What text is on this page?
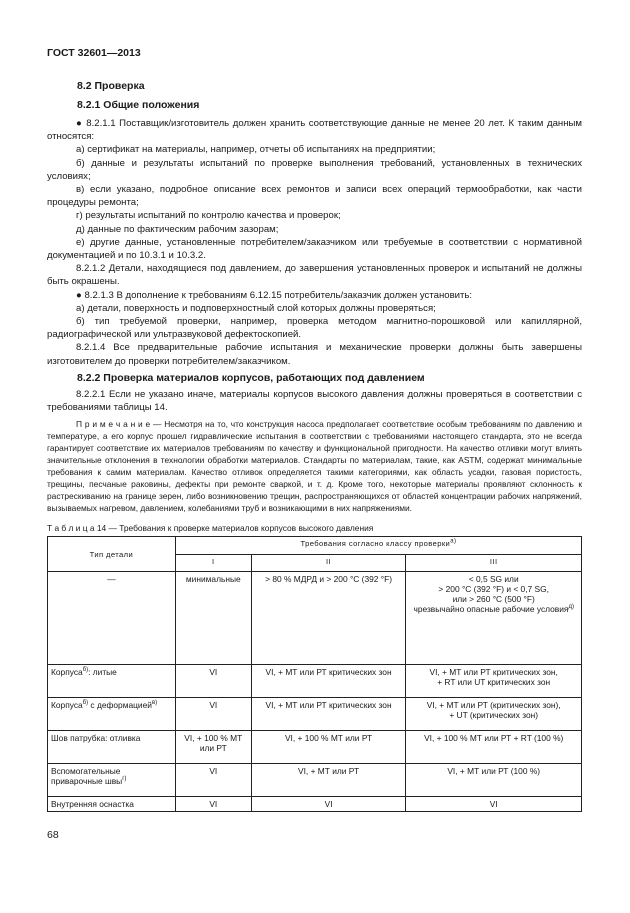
ГОСТ 32601—2013
8.2 Проверка
8.2.1 Общие положения

● 8.2.1.1 Поставщик/изготовитель должен хранить соответствующие данные не менее 20 лет. К таким данным относятся:

а) сертификат на материалы, например, отчеты об испытаниях на предприятии;

б) данные и результаты испытаний по проверке выполнения требований, установленных в технических условиях;

в) если указано, подробное описание всех ремонтов и записи всех операций термообработки, как части процедуры ремонта;

г) результаты испытаний по контролю качества и проверок;

д) данные по фактическим рабочим зазорам;

е) другие данные, установленные потребителем/заказчиком или требуемые в соответствии с нормативной документацией и по 10.3.1 и 10.3.2.

8.2.1.2 Детали, находящиеся под давлением, до завершения установленных проверок и испытаний не должны быть окрашены.

● 8.2.1.3 В дополнение к требованиям 6.12.15 потребитель/заказчик должен установить:

а) детали, поверхность и подповерхностный слой которых должны проверяться;

б) тип требуемой проверки, например, проверка методом магнитно-порошковой или капиллярной, радиографической или ультразвуковой дефектоскопией.

8.2.1.4 Все предварительные рабочие испытания и механические проверки должны быть завершены изготовителем до проверки потребителем/заказчиком.

8.2.2 Проверка материалов корпусов, работающих под давлением

8.2.2.1 Если не указано иначе, материалы корпусов высокого давления должны проверяться в соответствии с требованиями таблицы 14.

П р и м е ч а н и е — Несмотря на то, что конструкция насоса предполагает соответствие особым требованиям по давлению и температуре, а его корпус прошел гидравлические испытания в соответствии с требованиями настоящего стандарта, это не всегда гарантирует соответствие их материалов требованиям по качеству и функциональной пригодности. На качество отливки могут влиять значительные отклонения в технологии обработки материалов. Стандарты по материалам, такие, как ASTM, содержат минимальные требования к самим материалам. Качество отливок определяется такими категориями, как область усадки, газовая пористость, трещины, песчаные раковины, дефекты при ремонте сваркой, и т. д. Кроме того, некоторые материалы проявляют склонность к растрескиванию на границе зерен, либо возникновению трещин, распространяющихся от областей концентрации рабочих напряжений, вызываемых нагревом, давлением, колебаниями труб и возникающими в них напряжениями.

Т а б л и ц а 14 — Требования к проверке материалов корпусов высокого давления
Тип детали	Требования согласно классу проверки$^{a)}$
	I	II	III
—	минимальные	> 80 % МДРД и > 200 °С (392 °F)	< 0,5 SG или
> 200 °С (392 °F) и < 0,7 SG,
или > 260 °С (500 °F)
чрезвычайно опасные рабочие условия$^{д)}$

Корпуса$^{б)}$: литые	VI	VI, + МТ или РТ критических зон	VI, + МТ или РТ критических зон,
+ RT или UT критических зон

Корпуса$^{б)}$ с деформацией$^{в)}$	VI	VI, + МТ или РТ критических зон	VI, + МТ или РТ (критических зон),
+ UT (критических зон)

Шов патрубка: отливка	VI, + 100 % МТ или РТ	VI, + 100 % МТ или РТ	VI, + 100 % МТ или РТ + RT (100 %)
Вспомогательные приварочные швы$^{г)}$	VI	VI, + МТ или РТ	VI, + МТ или РТ (100 %)
Внутренняя оснастка	VI	VI	VI
68
